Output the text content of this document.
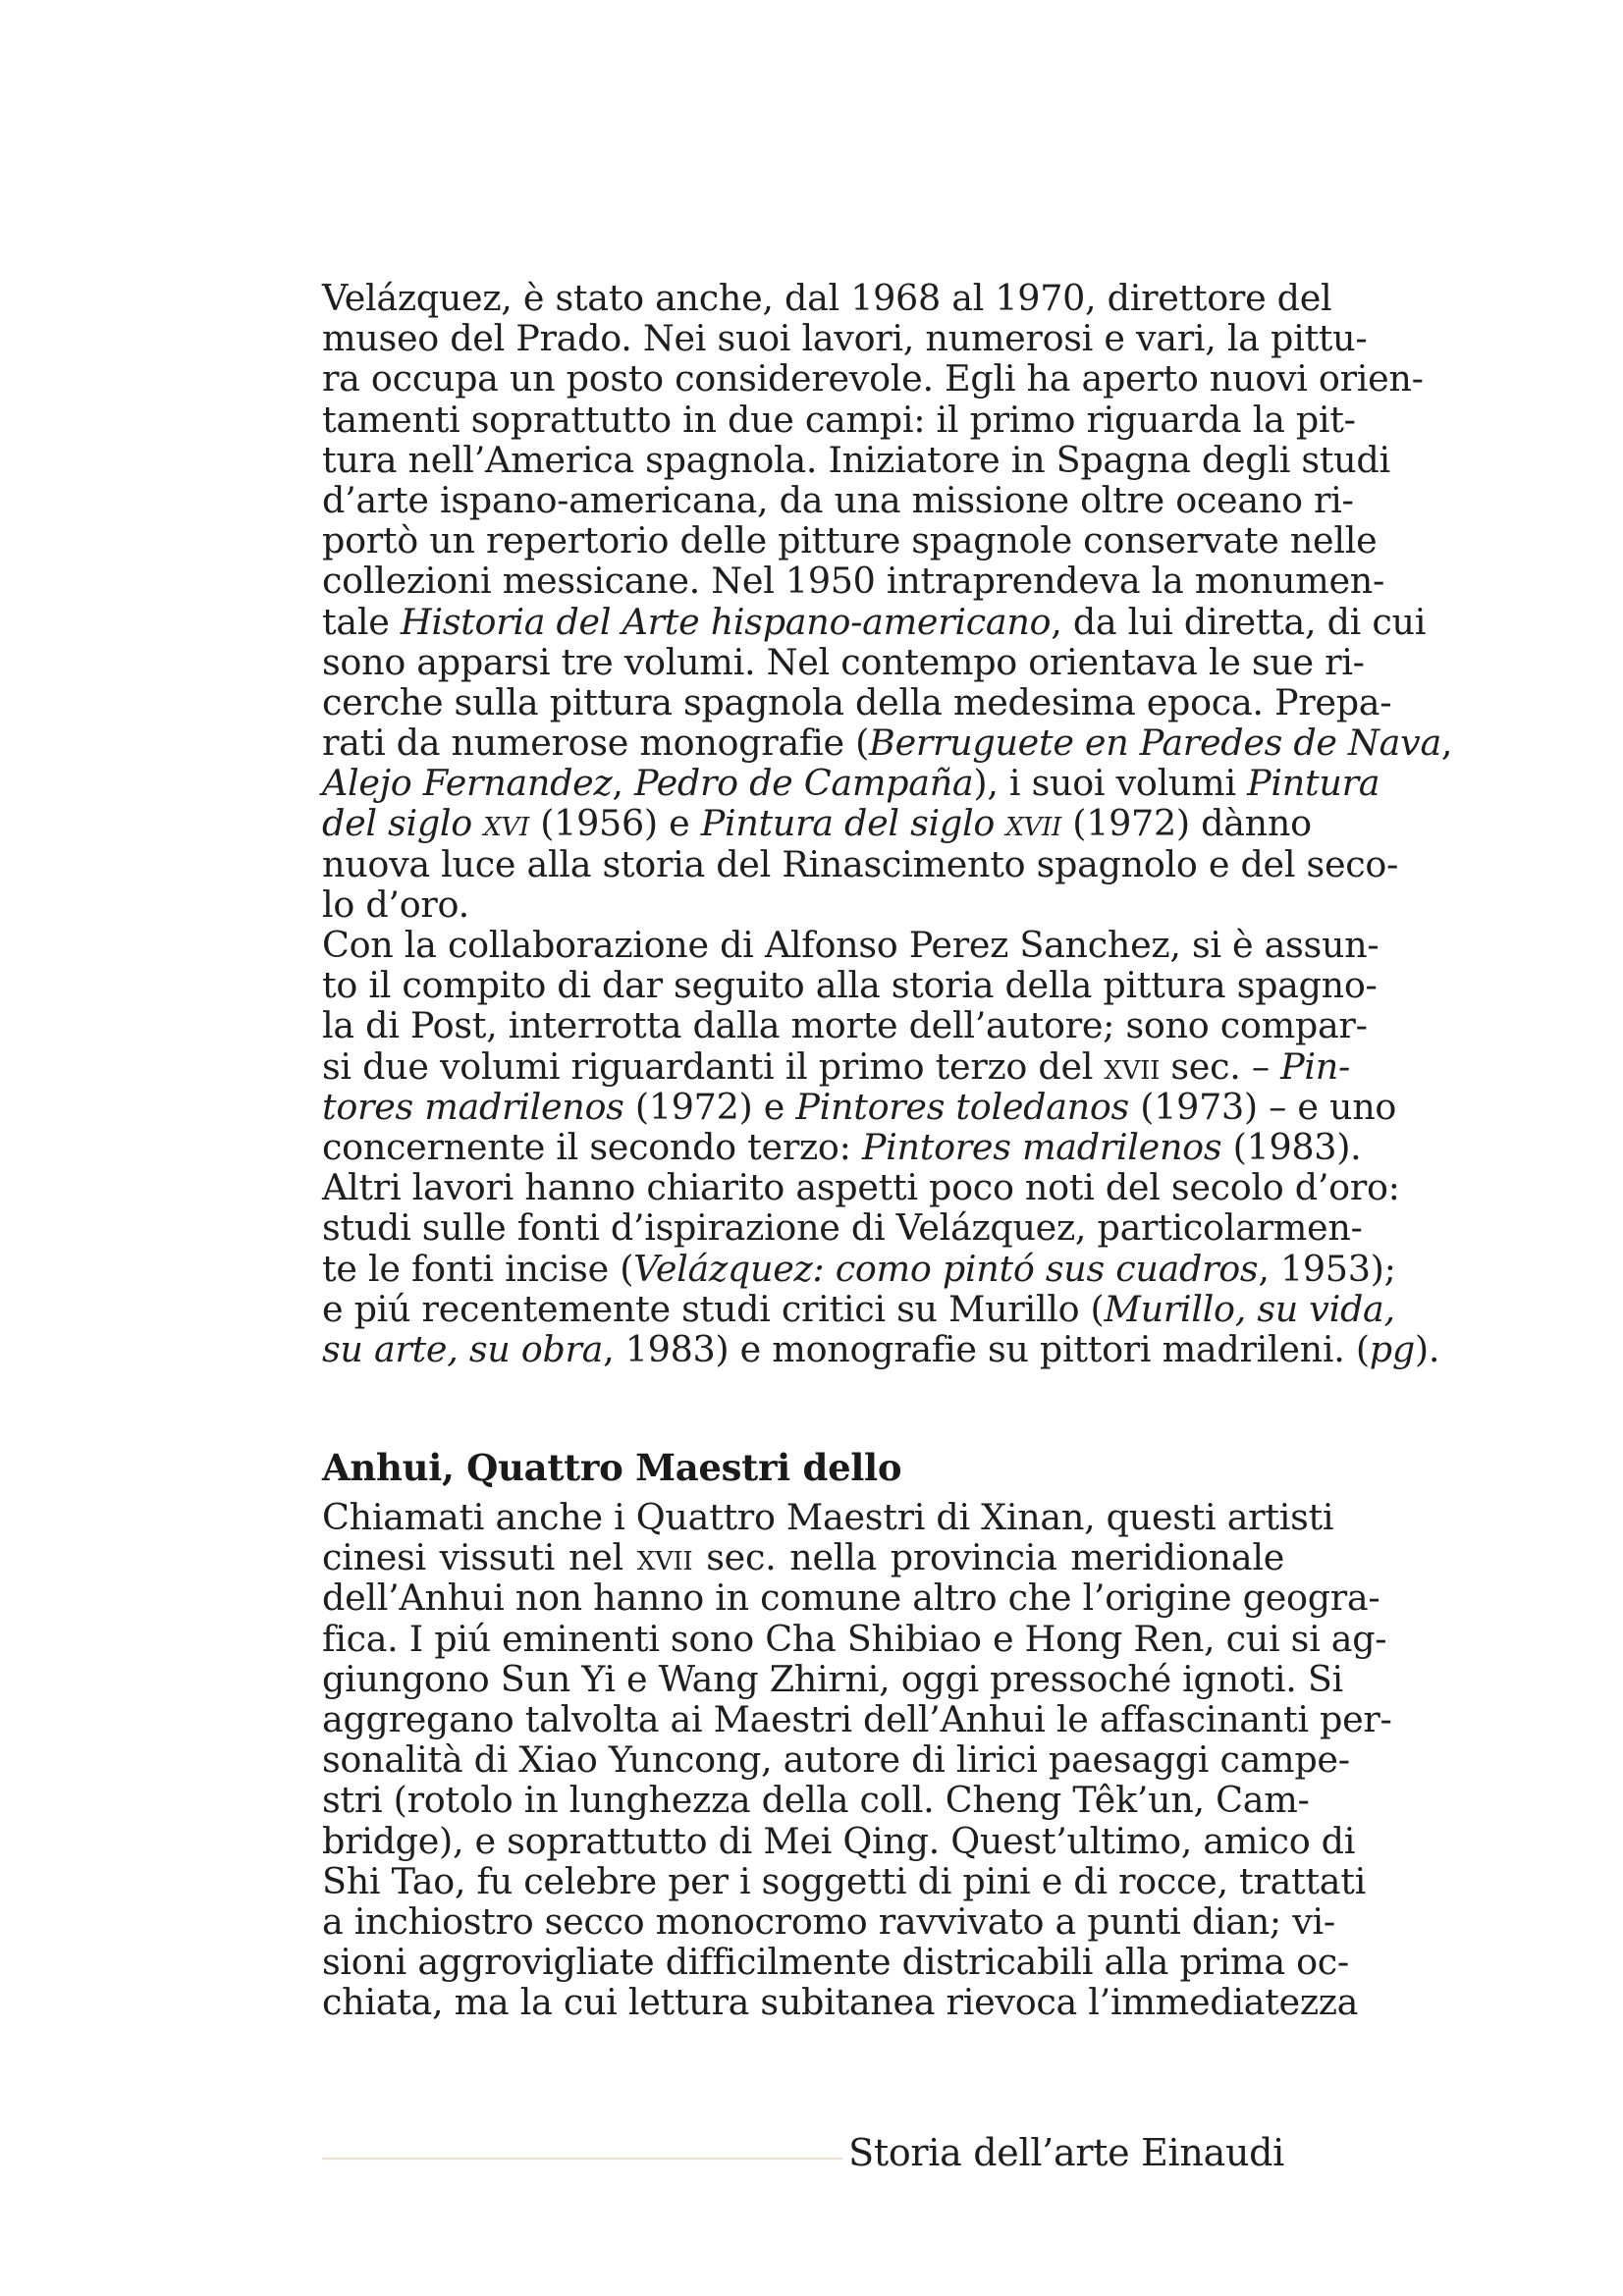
Velázquez, è stato anche, dal 1968 al 1970, direttore del
museo del Prado. Nei suoi lavori, numerosi e vari, la pittu-
ra occupa un posto considerevole. Egli ha aperto nuovi orien-
tamenti soprattutto in due campi: il primo riguarda la pit-
tura nell’America spagnola. Iniziatore in Spagna degli studi
d’arte ispano-americana, da una missione oltre oceano ri-
portò un repertorio delle pitture spagnole conservate nelle
collezioni messicane. Nel 1950 intraprendeva la monumen-
tale Historia del Arte hispano-americano, da lui diretta, di cui
sono apparsi tre volumi. Nel contempo orientava le sue ri-
cerche sulla pittura spagnola della medesima epoca. Prepa-
rati da numerose monografie (Berruguete en Paredes de Nava,
Alejo Fernandez, Pedro de Campaña), i suoi volumi Pintura
del siglo xvi (1956) e Pintura del siglo xvii (1972) dànno
nuova luce alla storia del Rinascimento spagnolo e del seco-
lo d’oro.
Con la collaborazione di Alfonso Perez Sanchez, si è assun-
to il compito di dar seguito alla storia della pittura spagno-
la di Post, interrotta dalla morte dell’autore; sono compar-
si due volumi riguardanti il primo terzo del xvii sec. – Pin-
tores madrilenos (1972) e Pintores toledanos (1973) – e uno
concernente il secondo terzo: Pintores madrilenos (1983).
Altri lavori hanno chiarito aspetti poco noti del secolo d’oro:
studi sulle fonti d’ispirazione di Velázquez, particolarmen-
te le fonti incise (Velázquez: como pintó sus cuadros, 1953);
e piú recentemente studi critici su Murillo (Murillo, su vida,
su arte, su obra, 1983) e monografie su pittori madrileni. (pg).
Anhui, Quattro Maestri dello
Chiamati anche i Quattro Maestri di Xinan, questi artisti
cinesi vissuti nel xvii sec. nella provincia meridionale
dell’Anhui non hanno in comune altro che l’origine geogra-
fica. I piú eminenti sono Cha Shibiao e Hong Ren, cui si ag-
giungono Sun Yi e Wang Zhirni, oggi pressoché ignoti. Si
aggregano talvolta ai Maestri dell’Anhui le affascinanti per-
sonalità di Xiao Yuncong, autore di lirici paesaggi campe-
stri (rotolo in lunghezza della coll. Cheng Têk’un, Cam-
bridge), e soprattutto di Mei Qing. Quest’ultimo, amico di
Shi Tao, fu celebre per i soggetti di pini e di rocce, trattati
a inchiostro secco monocromo ravvivato a punti dian; vi-
sioni aggrovigliate difficilmente districabili alla prima oc-
chiata, ma la cui lettura subitanea rievoca l’immediatezza
Storia dell’arte Einaudi
